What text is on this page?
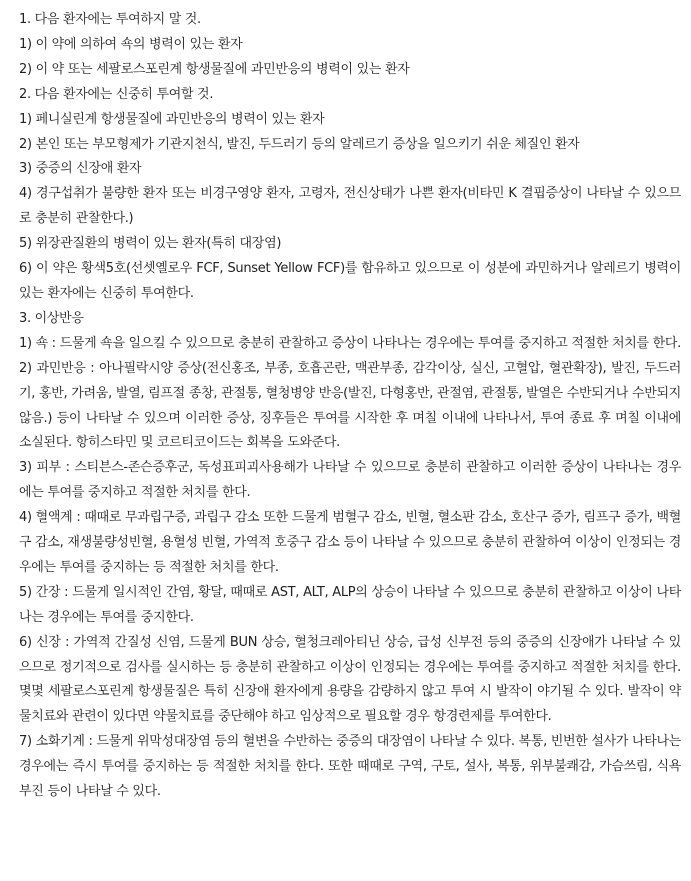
1. 다음 환자에는 투여하지 말 것.
1) 이 약에 의하여 쇽의 병력이 있는 환자
2) 이 약 또는 세팔로스포린계 항생물질에 과민반응의 병력이 있는 환자
2. 다음 환자에는 신중히 투여할 것.
1) 페니실린계 항생물질에 과민반응의 병력이 있는 환자
2) 본인 또는 부모형제가 기관지천식, 발진, 두드러기 등의 알레르기 증상을 일으키기 쉬운 체질인 환자
3) 중증의 신장애 환자
4) 경구섭취가 불량한 환자 또는 비경구영양 환자, 고령자, 전신상태가 나쁜 환자(비타민 K 결핍증상이 나타날 수 있으므로 충분히 관찰한다.)
5) 위장관질환의 병력이 있는 환자(특히 대장염)
6) 이 약은 황색5호(선셋옐로우 FCF, Sunset Yellow FCF)를 함유하고 있으므로 이 성분에 과민하거나 알레르기 병력이 있는 환자에는 신중히 투여한다.
3. 이상반응
1) 쇽 : 드물게 쇽을 일으킬 수 있으므로 충분히 관찰하고 증상이 나타나는 경우에는 투여를 중지하고 적절한 처치를 한다.
2) 과민반응 : 아나필락시양 증상(전신홍조, 부종, 호흡곤란, 맥관부종, 감각이상, 실신, 고혈압, 혈관확장), 발진, 두드러기, 홍반, 가려움, 발열, 림프절 종창, 관절통, 혈청병양 반응(발진, 다형홍반, 관절염, 관절통, 발열은 수반되거나 수반되지 않음.) 등이 나타날 수 있으며 이러한 증상, 징후들은 투여를 시작한 후 며칠 이내에 나타나서, 투여 종료 후 며칠 이내에 소실된다. 항히스타민 및 코르티코이드는 회복을 도와준다.
3) 피부 : 스티븐스-존슨증후군, 독성표피괴사용해가 나타날 수 있으므로 충분히 관찰하고 이러한 증상이 나타나는 경우에는 투여를 중지하고 적절한 처치를 한다.
4) 혈액계 : 때때로 무과립구증, 과립구 감소 또한 드물게 범혈구 감소, 빈혈, 혈소판 감소, 호산구 증가, 림프구 증가, 백혈구 감소, 재생불량성빈혈, 용혈성 빈혈, 가역적 호중구 감소 등이 나타날 수 있으므로 충분히 관찰하여 이상이 인정되는 경우에는 투여를 중지하는 등 적절한 처치를 한다.
5) 간장 : 드물게 일시적인 간염, 황달, 때때로 AST, ALT, ALP의 상승이 나타날 수 있으므로 충분히 관찰하고 이상이 나타나는 경우에는 투여를 중지한다.
6) 신장 : 가역적 간질성 신염, 드물게 BUN 상승, 혈청크레아티닌 상승, 급성 신부전 등의 중증의 신장애가 나타날 수 있으므로 정기적으로 검사를 실시하는 등 충분히 관찰하고 이상이 인정되는 경우에는 투여를 중지하고 적절한 처치를 한다. 몇몇 세팔로스포린계 항생물질은 특히 신장애 환자에게 용량을 감량하지 않고 투여 시 발작이 야기될 수 있다. 발작이 약물치료와 관련이 있다면 약물치료를 중단해야 하고 임상적으로 필요할 경우 항경련제를 투여한다.
7) 소화기계 : 드물게 위막성대장염 등의 혈변을 수반하는 중증의 대장염이 나타날 수 있다. 복통, 빈번한 설사가 나타나는 경우에는 즉시 투여를 중지하는 등 적절한 처치를 한다. 또한 때때로 구역, 구토, 설사, 복통, 위부불쾌감, 가슴쓰림, 식욕부진 등이 나타날 수 있다.
